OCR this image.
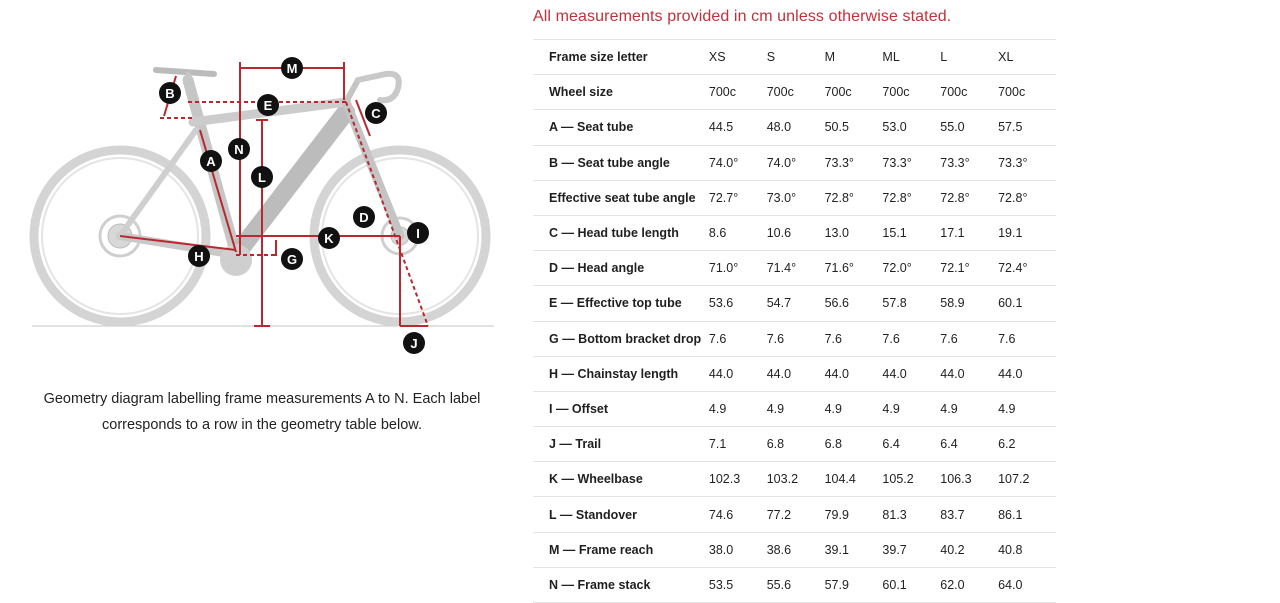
M
B
E
C
N
A
L
D
I
K
H	G
J
Geometry diagram labelling frame measurements A to N. Each label corresponds to a row in the geometry table below.
All measurements provided in cm unless otherwise stated.
Frame size letter	XS	S	M	ML	L	XL
Wheel size	700c	700c	700c	700c	700c	700c
A — Seat tube	44.5	48.0	50.5	53.0	55.0	57.5
B — Seat tube angle	74.0°	74.0°	73.3°	73.3°	73.3°	73.3°
Effective seat tube angle	72.7°	73.0°	72.8°	72.8°	72.8°	72.8°
C — Head tube length	8.6	10.6	13.0	15.1	17.1	19.1
D — Head angle	71.0°	71.4°	71.6°	72.0°	72.1°	72.4°
E — Effective top tube	53.6	54.7	56.6	57.8	58.9	60.1
G — Bottom bracket drop	7.6	7.6	7.6	7.6	7.6	7.6
H — Chainstay length	44.0	44.0	44.0	44.0	44.0	44.0
I — Offset	4.9	4.9	4.9	4.9	4.9	4.9
J — Trail	7.1	6.8	6.8	6.4	6.4	6.2
K — Wheelbase	102.3	103.2	104.4	105.2	106.3	107.2
L — Standover	74.6	77.2	79.9	81.3	83.7	86.1
M — Frame reach	38.0	38.6	39.1	39.7	40.2	40.8
N — Frame stack	53.5	55.6	57.9	60.1	62.0	64.0
